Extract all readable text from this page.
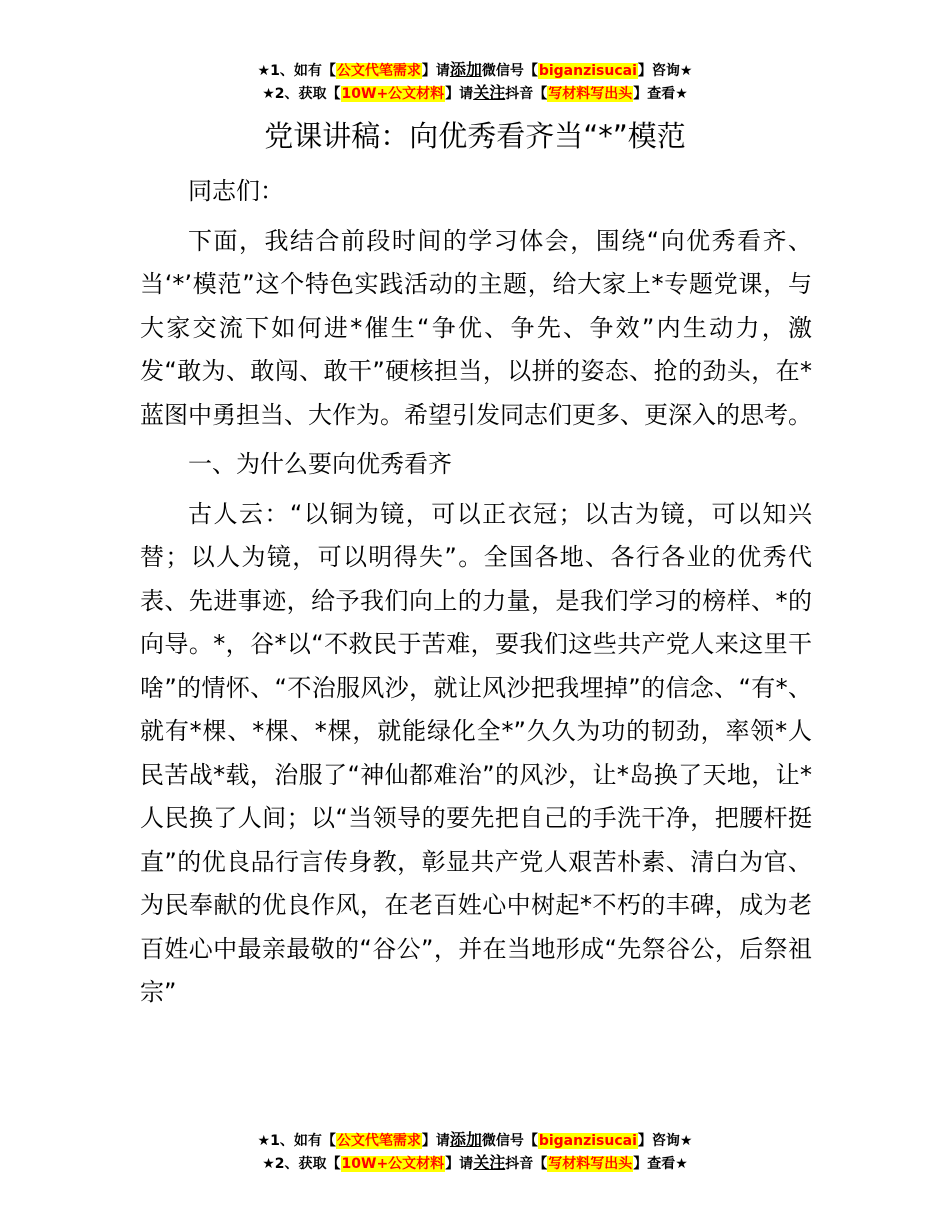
★1、如有【公文代笔需求】请添加微信号【biganzisucai】咨询★
★2、获取【10W+公文材料】请关注抖音【写材料写出头】查看★
党课讲稿：向优秀看齐当“*”模范

同志们：

下面，我结合前段时间的学习体会，围绕“向优秀看齐、当‘*’模范”这个特色实践活动的主题，给大家上*专题党课，与大家交流下如何进*催生“争优、争先、争效”内生动力，激发“敢为、敢闯、敢干”硬核担当，以拼的姿态、抢的劲头，在*蓝图中勇担当、大作为。希望引发同志们更多、更深入的思考。

一、为什么要向优秀看齐

古人云：“以铜为镜，可以正衣冠；以古为镜，可以知兴替；以人为镜，可以明得失”。全国各地、各行各业的优秀代表、先进事迹，给予我们向上的力量，是我们学习的榜样、*的向导。*，谷*以“不救民于苦难，要我们这些共产党人来这里干啥”的情怀、“不治服风沙，就让风沙把我埋掉”的信念、“有*、就有*棵、*棵、*棵，就能绿化全*”久久为功的韧劲，率领*人民苦战*载，治服了“神仙都难治”的风沙，让*岛换了天地，让*人民换了人间；以“当领导的要先把自己的手洗干净，把腰杆挺直”的优良品行言传身教，彰显共产党人艰苦朴素、清白为官、为民奉献的优良作风，在老百姓心中树起*不朽的丰碑，成为老百姓心中最亲最敬的“谷公”，并在当地形成“先祭谷公，后祭祖宗”

★1、如有【公文代笔需求】请添加微信号【biganzisucai】咨询★
★2、获取【10W+公文材料】请关注抖音【写材料写出头】查看★
